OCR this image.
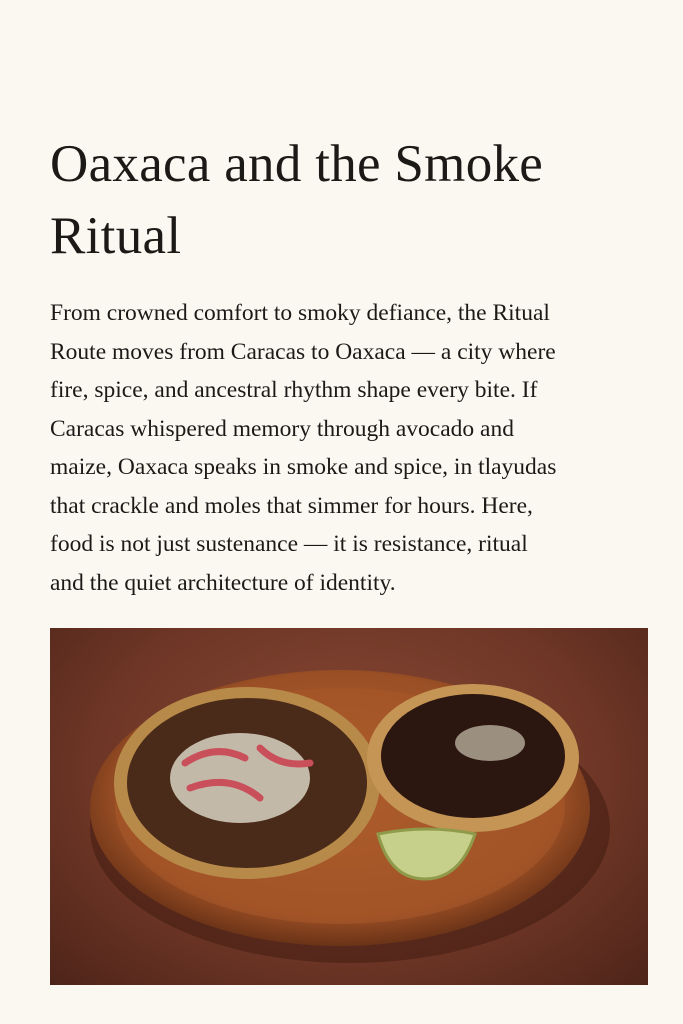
Oaxaca and the Smoke Ritual

From crowned comfort to smoky defiance, the Ritual
Route moves from Caracas to Oaxaca — a city where
fire, spice, and ancestral rhythm shape every bite. If
Caracas whispered memory through avocado and
maize, Oaxaca speaks in smoke and spice, in tlayudas
that crackle and moles that simmer for hours. Here,
food is not just sustenance — it is resistance, ritual
and the quiet architecture of identity.
